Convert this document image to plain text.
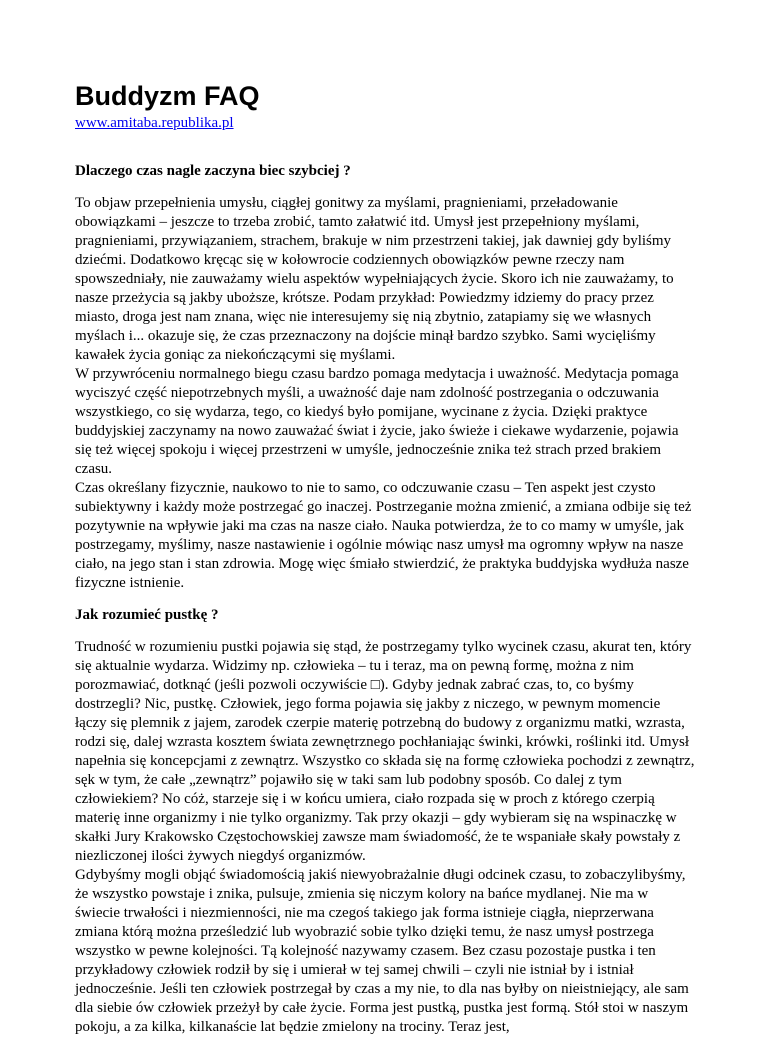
Buddyzm FAQ
www.amitaba.republika.pl

Dlaczego czas nagle zaczyna biec szybciej ?

To objaw przepełnienia umysłu, ciągłej gonitwy za myślami, pragnieniami, przeładowanie obowiązkami – jeszcze to trzeba zrobić, tamto załatwić itd. Umysł jest przepełniony myślami, pragnieniami, przywiązaniem, strachem, brakuje w nim przestrzeni takiej, jak dawniej gdy byliśmy dziećmi. Dodatkowo kręcąc się w kołowrocie codziennych obowiązków pewne rzeczy nam spowszedniały, nie zauważamy wielu aspektów wypełniających życie. Skoro ich nie zauważamy, to nasze przeżycia są jakby uboższe, krótsze. Podam przykład: Powiedzmy idziemy do pracy przez miasto, droga jest nam znana, więc nie interesujemy się nią zbytnio, zatapiamy się we własnych myślach i... okazuje się, że czas przeznaczony na dojście minął bardzo szybko. Sami wycięliśmy kawałek życia goniąc za niekończącymi się myślami.

W przywróceniu normalnego biegu czasu bardzo pomaga medytacja i uważność. Medytacja pomaga wyciszyć część niepotrzebnych myśli, a uważność daje nam zdolność postrzegania o odczuwania wszystkiego, co się wydarza, tego, co kiedyś było pomijane, wycinane z życia. Dzięki praktyce buddyjskiej zaczynamy na nowo zauważać świat i życie, jako świeże i ciekawe wydarzenie, pojawia się też więcej spokoju i więcej przestrzeni w umyśle, jednocześnie znika też strach przed brakiem czasu.

Czas określany fizycznie, naukowo to nie to samo, co odczuwanie czasu – Ten aspekt jest czysto subiektywny i każdy może postrzegać go inaczej. Postrzeganie można zmienić, a zmiana odbije się też pozytywnie na wpływie jaki ma czas na nasze ciało. Nauka potwierdza, że to co mamy w umyśle, jak postrzegamy, myślimy, nasze nastawienie i ogólnie mówiąc nasz umysł ma ogromny wpływ na nasze ciało, na jego stan i stan zdrowia. Mogę więc śmiało stwierdzić, że praktyka buddyjska wydłuża nasze fizyczne istnienie.

Jak rozumieć pustkę ?

Trudność w rozumieniu pustki pojawia się stąd, że postrzegamy tylko wycinek czasu, akurat ten, który się aktualnie wydarza. Widzimy np. człowieka – tu i teraz, ma on pewną formę, można z nim porozmawiać, dotknąć (jeśli pozwoli oczywiście □). Gdyby jednak zabrać czas, to, co byśmy dostrzegli? Nic, pustkę. Człowiek, jego forma pojawia się jakby z niczego, w pewnym momencie łączy się plemnik z jajem, zarodek czerpie materię potrzebną do budowy z organizmu matki, wzrasta, rodzi się, dalej wzrasta kosztem świata zewnętrznego pochłaniając świnki, krówki, roślinki itd. Umysł napełnia się koncepcjami z zewnątrz. Wszystko co składa się na formę człowieka pochodzi z zewnątrz, sęk w tym, że całe „zewnątrz” pojawiło się w taki sam lub podobny sposób. Co dalej z tym człowiekiem? No cóż, starzeje się i w końcu umiera, ciało rozpada się w proch z którego czerpią materię inne organizmy i nie tylko organizmy. Tak przy okazji – gdy wybieram się na wspinaczkę w skałki Jury Krakowsko Częstochowskiej zawsze mam świadomość, że te wspaniałe skały powstały z niezliczonej ilości żywych niegdyś organizmów.

Gdybyśmy mogli objąć świadomością jakiś niewyobrażalnie długi odcinek czasu, to zobaczylibyśmy, że wszystko powstaje i znika, pulsuje, zmienia się niczym kolory na bańce mydlanej. Nie ma w świecie trwałości i niezmienności, nie ma czegoś takiego jak forma istnieje ciągła, nieprzerwana zmiana którą można prześledzić lub wyobrazić sobie tylko dzięki temu, że nasz umysł postrzega wszystko w pewne kolejności. Tą kolejność nazywamy czasem. Bez czasu pozostaje pustka i ten przykładowy człowiek rodził by się i umierał w tej samej chwili – czyli nie istniał by i istniał jednocześnie. Jeśli ten człowiek postrzegał by czas a my nie, to dla nas byłby on nieistniejący, ale sam dla siebie ów człowiek przeżył by całe życie. Forma jest pustką, pustka jest formą. Stół stoi w naszym pokoju, a za kilka, kilkanaście lat będzie zmielony na trociny. Teraz jest,
